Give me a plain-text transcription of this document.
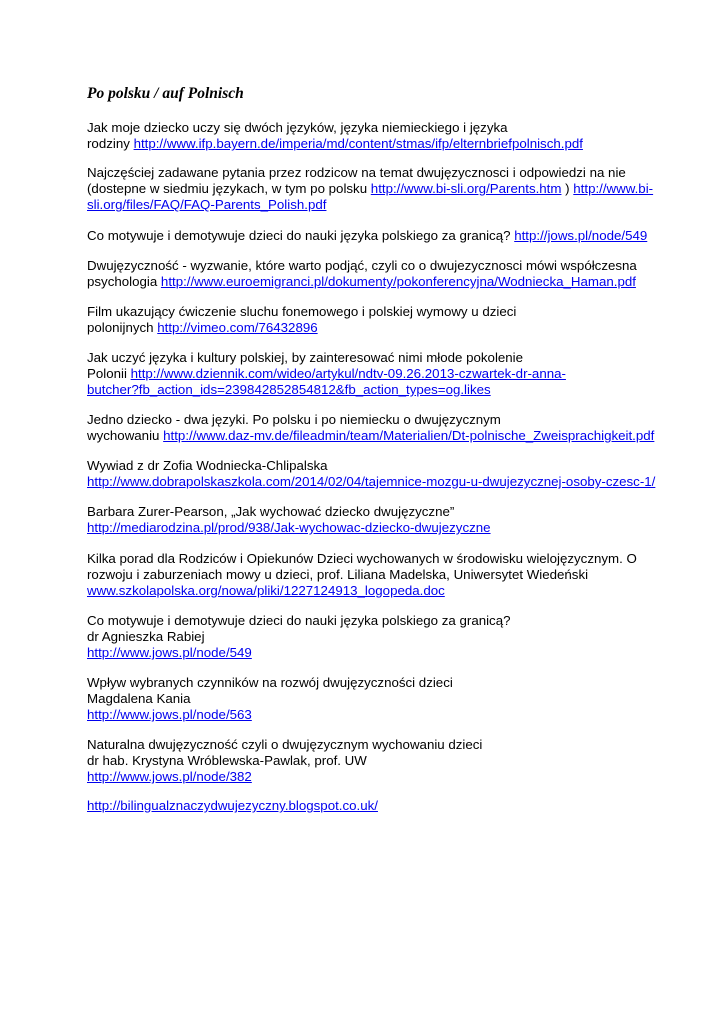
Po polsku / auf Polnisch
Jak moje dziecko uczy się dwóch języków, języka niemieckiego i języka
rodziny http://www.ifp.bayern.de/imperia/md/content/stmas/ifp/elternbriefpolnisch.pdf
Najczęściej zadawane pytania przez rodzicow na temat dwujęzycznosci i odpowiedzi na nie
(dostepne w siedmiu językach, w tym po polsku http://www.bi-sli.org/Parents.htm ) http://www.bi-
sli.org/files/FAQ/FAQ-Parents_Polish.pdf
Co motywuje i demotywuje dzieci do nauki języka polskiego za granicą? http://jows.pl/node/549
Dwujęzyczność - wyzwanie, które warto podjąć, czyli co o dwujezycznosci mówi współczesna
psychologia http://www.euroemigranci.pl/dokumenty/pokonferencyjna/Wodniecka_Haman.pdf
Film ukazujący ćwiczenie sluchu fonemowego i polskiej wymowy u dzieci
polonijnych http://vimeo.com/76432896
Jak uczyć języka i kultury polskiej, by zainteresować nimi młode pokolenie
Polonii http://www.dziennik.com/wideo/artykul/ndtv-09.26.2013-czwartek-dr-anna-
butcher?fb_action_ids=239842852854812&fb_action_types=og.likes
Jedno dziecko - dwa języki. Po polsku i po niemiecku o dwujęzycznym
wychowaniu http://www.daz-mv.de/fileadmin/team/Materialien/Dt-polnische_Zweisprachigkeit.pdf
Wywiad z dr Zofia Wodniecka-Chlipalska
http://www.dobrapolskaszkola.com/2014/02/04/tajemnice-mozgu-u-dwujezycznej-osoby-czesc-1/
Barbara Zurer-Pearson, „Jak wychować dziecko dwujęzyczne”
http://mediarodzina.pl/prod/938/Jak-wychowac-dziecko-dwujezyczne
Kilka porad dla Rodziców i Opiekunów Dzieci wychowanych w środowisku wielojęzycznym. O
rozwoju i zaburzeniach mowy u dzieci, prof. Liliana Madelska, Uniwersytet Wiedeński
www.szkolapolska.org/nowa/pliki/1227124913_logopeda.doc
Co motywuje i demotywuje dzieci do nauki języka polskiego za granicą?
dr Agnieszka Rabiej
http://www.jows.pl/node/549
Wpływ wybranych czynników na rozwój dwujęzyczności dzieci
Magdalena Kania
http://www.jows.pl/node/563
Naturalna dwujęzyczność czyli o dwujęzycznym wychowaniu dzieci
dr hab. Krystyna Wróblewska-Pawlak, prof. UW
http://www.jows.pl/node/382
http://bilingualznaczydwujezyczny.blogspot.co.uk/
